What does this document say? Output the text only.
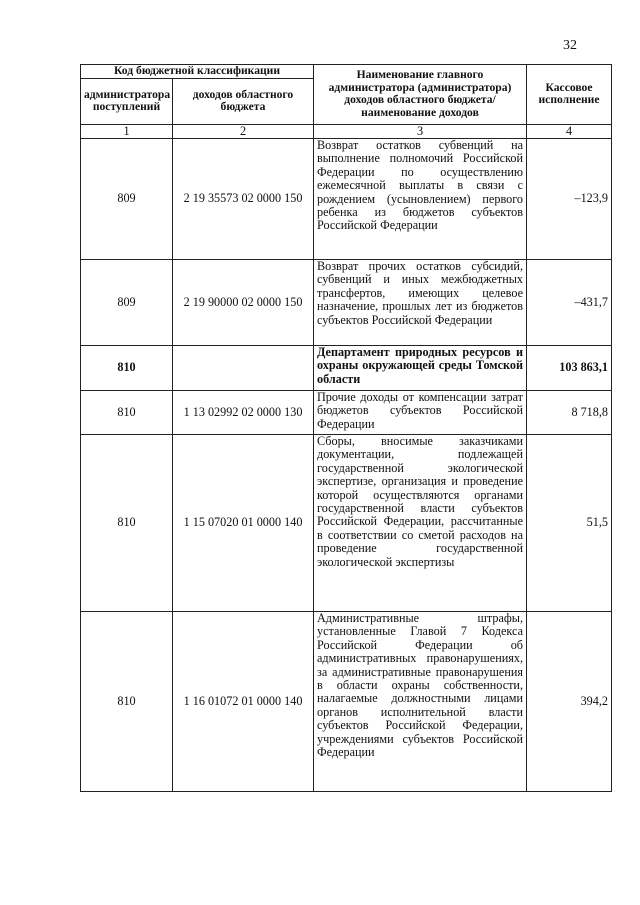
32
Код бюджетной классификации		Наименование главного администратора (администратора) доходов областного бюджета/ наименование доходов	Кассовое исполнение
администратора поступлений	доходов областного бюджета		
1	2	3	4
809	2 19 35573 02 0000 150	Возврат остатков субвенций на выполнение полномочий Российской Федерации по осуществлению ежемесячной выплаты в связи с рождением (усыновлением) первого ребенка из бюджетов субъектов Российской Федерации	–123,9
809	2 19 90000 02 0000 150	Возврат прочих остатков субсидий, субвенций и иных межбюджетных трансфертов, имеющих целевое назначение, прошлых лет из бюджетов субъектов Российской Федерации	–431,7
810		Департамент природных ресурсов и охраны окружающей среды Томской области	103 863,1
810	1 13 02992 02 0000 130	Прочие доходы от компенсации затрат бюджетов субъектов Российской Федерации	8 718,8
810	1 15 07020 01 0000 140	Сборы, вносимые заказчиками документации, подлежащей государственной экологической экспертизе, организация и проведение которой осуществляются органами государственной власти субъектов Российской Федерации, рассчитанные в соответствии со сметой расходов на проведение государственной экологической экспертизы	51,5
810	1 16 01072 01 0000 140	Административные штрафы, установленные Главой 7 Кодекса Российской Федерации об административных правонарушениях, за административные правонарушения в области охраны собственности, налагаемые должностными лицами органов исполнительной власти субъектов Российской Федерации, учреждениями субъектов Российской Федерации	394,2
